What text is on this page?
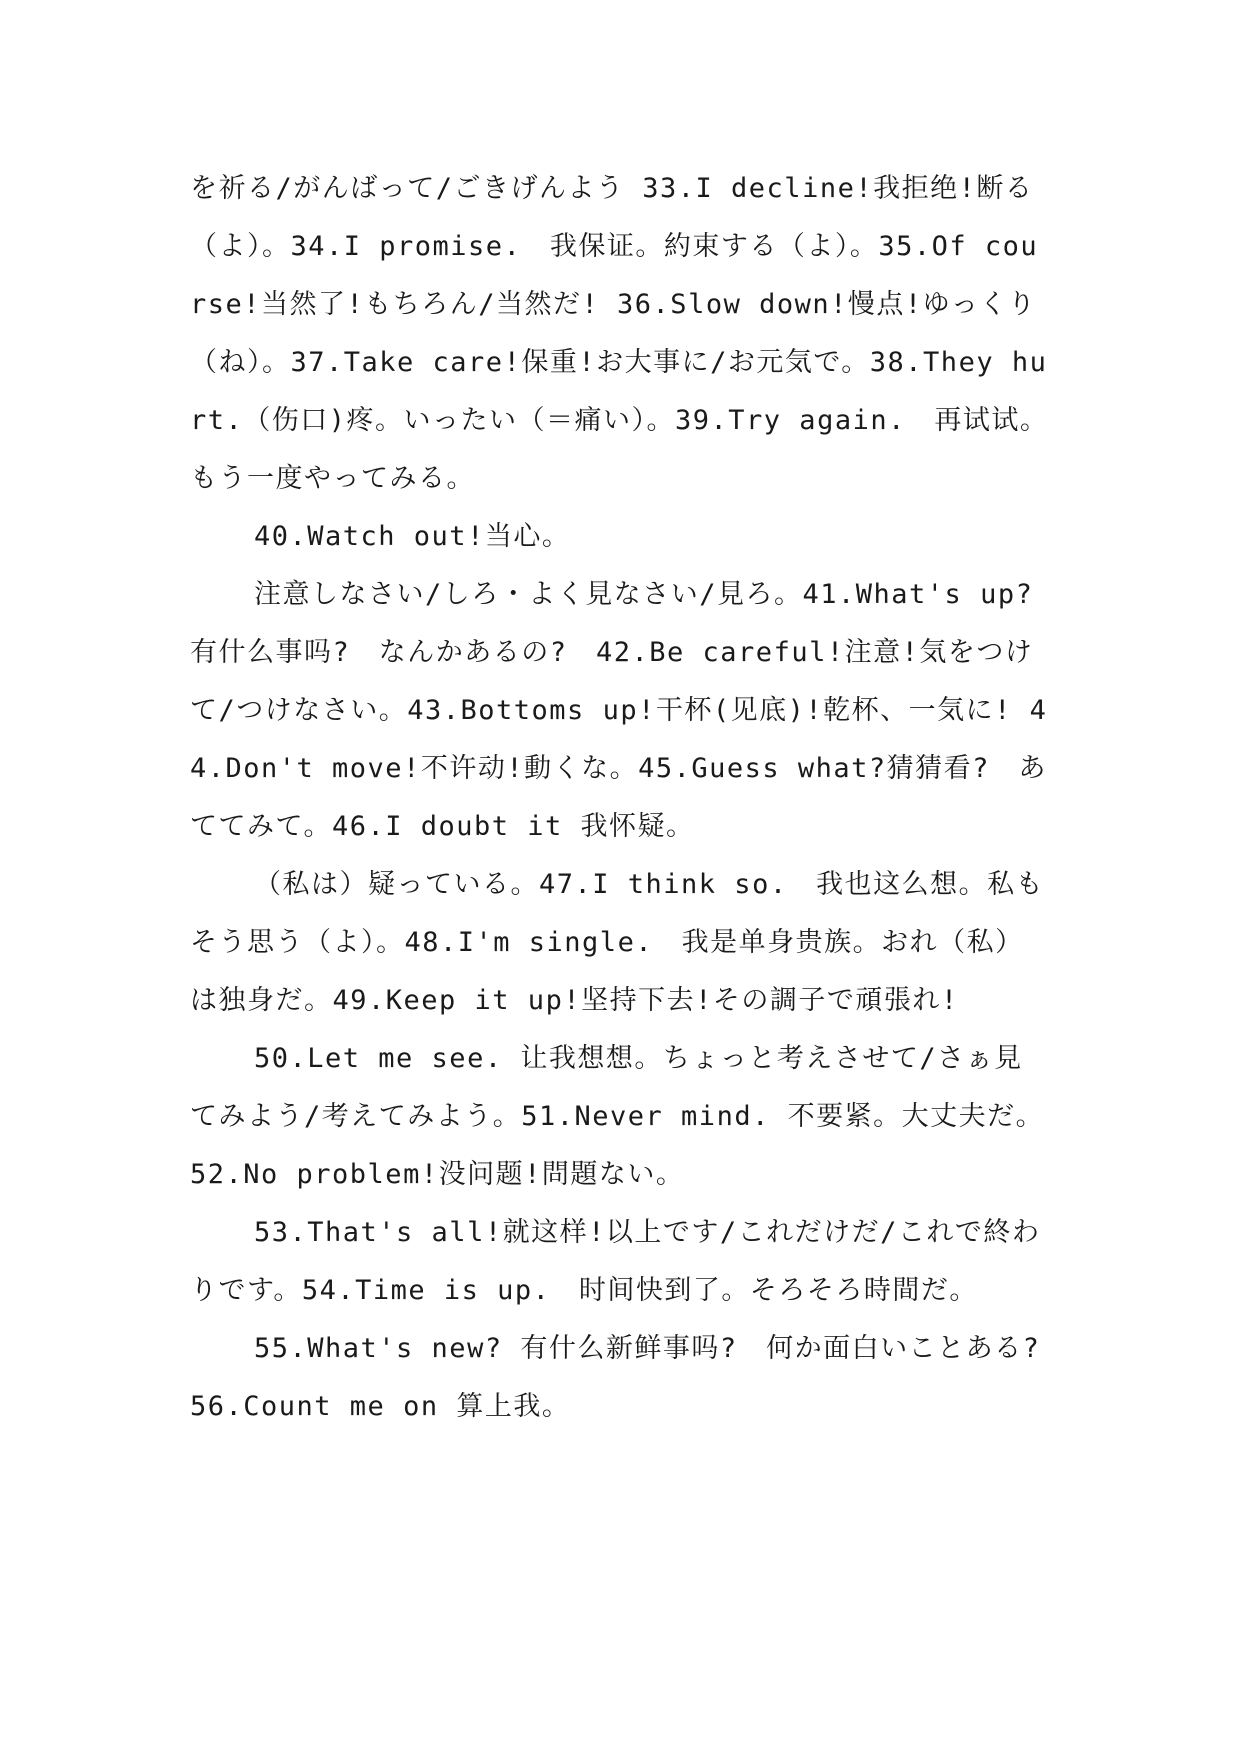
を祈る/がんばって/ごきげんよう 33.I decline!我拒绝!断る（よ）。34.I promise.　我保证。約束する（よ）。35.Of course!当然了!もちろん/当然だ! 36.Slow down!慢点!ゆっくり（ね）。37.Take care!保重!お大事に/お元気で。38.They hurt.（伤口)疼。いったい（＝痛い）。39.Try again.　再试试。もう一度やってみる。

40.Watch out!当心。

注意しなさい/しろ・よく見なさい/見ろ。41.What's up? 有什么事吗?　なんかあるの?　42.Be careful!注意!気をつけて/つけなさい。43.Bottoms up!干杯(见底)!乾杯、一気に! 44.Don't move!不许动!動くな。45.Guess what?猜猜看?　あててみて。46.I doubt it 我怀疑。

（私は）疑っている。47.I think so.　我也这么想。私もそう思う（よ）。48.I'm single.　我是单身贵族。おれ（私）は独身だ。49.Keep it up!坚持下去!その調子で頑張れ!

50.Let me see. 让我想想。ちょっと考えさせて/さぁ見てみよう/考えてみよう。51.Never mind. 不要紧。大丈夫だ。52.No problem!没问题!問題ない。

53.That's all!就这样!以上です/これだけだ/これで終わりです。54.Time is up.　时间快到了。そろそろ時間だ。

55.What's new? 有什么新鲜事吗?　何か面白いことある?　56.Count me on 算上我。
